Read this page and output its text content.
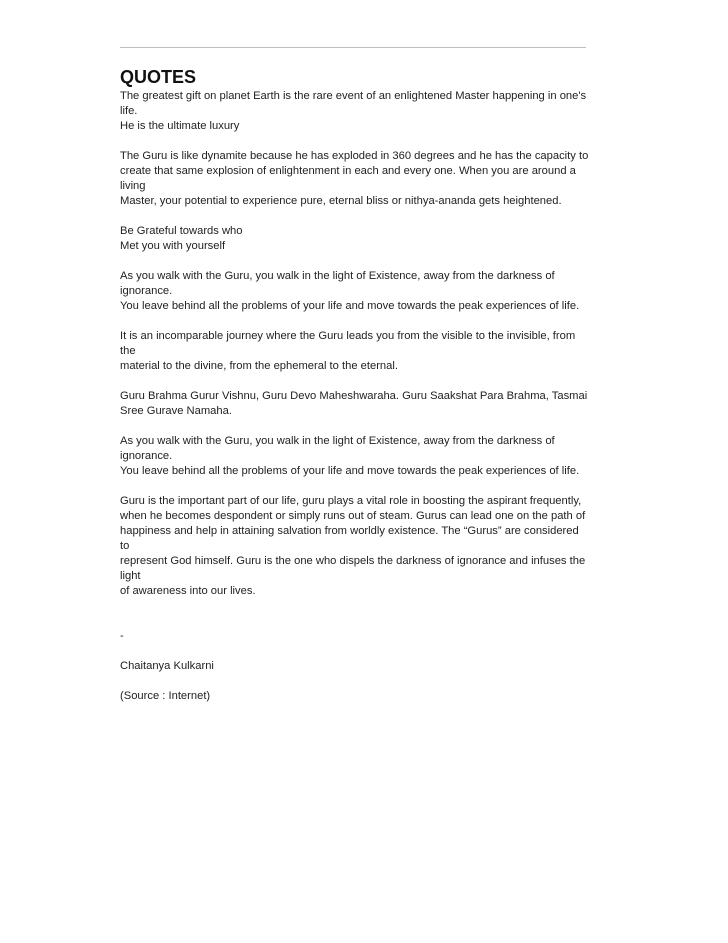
QUOTES

The greatest gift on planet Earth is the rare event of an enlightened Master happening in one's life.
He is the ultimate luxury

The Guru is like dynamite because he has exploded in 360 degrees and he has the capacity to
create that same explosion of enlightenment in each and every one. When you are around a living
Master, your potential to experience pure, eternal bliss or nithya-ananda gets heightened.

Be Grateful towards who
Met you with yourself

As you walk with the Guru, you walk in the light of Existence, away from the darkness of ignorance.
You leave behind all the problems of your life and move towards the peak experiences of life.

It is an incomparable journey where the Guru leads you from the visible to the invisible, from the
material to the divine, from the ephemeral to the eternal.

Guru Brahma Gurur Vishnu, Guru Devo Maheshwaraha. Guru Saakshat Para Brahma, Tasmai
Sree Gurave Namaha.

As you walk with the Guru, you walk in the light of Existence, away from the darkness of ignorance.
You leave behind all the problems of your life and move towards the peak experiences of life.

Guru is the important part of our life, guru plays a vital role in boosting the aspirant frequently,
when he becomes despondent or simply runs out of steam. Gurus can lead one on the path of
happiness and help in attaining salvation from worldly existence. The “Gurus” are considered to
represent God himself. Guru is the one who dispels the darkness of ignorance and infuses the light
of awareness into our lives.

-

Chaitanya Kulkarni

(Source : Internet)
